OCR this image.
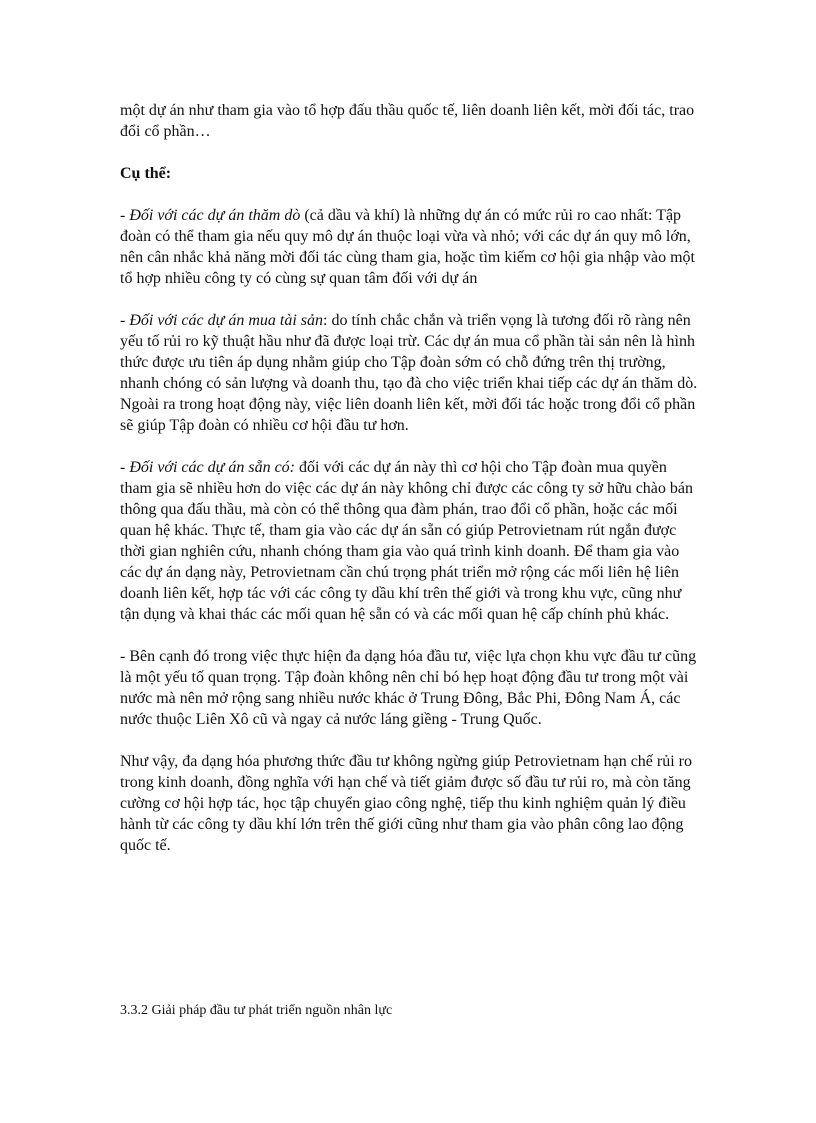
một dự án như tham gia vào tổ hợp đấu thầu quốc tế, liên doanh liên kết, mời đối tác, trao đổi cổ phần…

Cụ thể:

- Đối với các dự án thăm dò (cả dầu và khí) là những dự án có mức rủi ro cao nhất: Tập đoàn có thể tham gia nếu quy mô dự án thuộc loại vừa và nhỏ; với các dự án quy mô lớn, nên cân nhắc khả năng mời đối tác cùng tham gia, hoặc tìm kiếm cơ hội gia nhập vào một tổ hợp nhiều công ty có cùng sự quan tâm đối với dự án

- Đối với các dự án mua tài sản: do tính chắc chắn và triển vọng là tương đối rõ ràng nên yếu tố rủi ro kỹ thuật hầu như đã được loại trừ. Các dự án mua cổ phần tài sản nên là hình thức được ưu tiên áp dụng nhằm giúp cho Tập đoàn sớm có chỗ đứng trên thị trường, nhanh chóng có sản lượng và doanh thu, tạo đà cho việc triển khai tiếp các dự án thăm dò. Ngoài ra trong hoạt động này, việc liên doanh liên kết, mời đối tác hoặc trong đổi cổ phần sẽ giúp Tập đoàn có nhiều cơ hội đầu tư hơn.

- Đối với các dự án sẵn có: đối với các dự án này thì cơ hội cho Tập đoàn mua quyền tham gia sẽ nhiều hơn do việc các dự án này không chỉ được các công ty sở hữu chào bán thông qua đấu thầu, mà còn có thể thông qua đàm phán, trao đổi cổ phần, hoặc các mối quan hệ khác. Thực tế, tham gia vào các dự án sẵn có giúp Petrovietnam rút ngắn được thời gian nghiên cứu, nhanh chóng tham gia vào quá trình kinh doanh. Để tham gia vào các dự án dạng này, Petrovietnam cần chú trọng phát triển mở rộng các mối liên hệ liên doanh liên kết, hợp tác với các công ty dầu khí trên thế giới và trong khu vực, cũng như tận dụng và khai thác các mối quan hệ sẵn có và các mối quan hệ cấp chính phủ khác.

- Bên cạnh đó trong việc thực hiện đa dạng hóa đầu tư, việc lựa chọn khu vực đầu tư cũng là một yếu tố quan trọng. Tập đoàn không nên chỉ bó hẹp hoạt động đầu tư trong một vài nước mà nên mở rộng sang nhiều nước khác ở Trung Đông, Bắc Phi, Đông Nam Á, các nước thuộc Liên Xô cũ và ngay cả nước láng giềng - Trung Quốc.

Như vậy, đa dạng hóa phương thức đầu tư không ngừng giúp Petrovietnam hạn chế rủi ro trong kinh doanh, đồng nghĩa với hạn chế và tiết giảm được số đầu tư rủi ro, mà còn tăng cường cơ hội hợp tác, học tập chuyển giao công nghệ, tiếp thu kinh nghiệm quản lý điều hành từ các công ty dầu khí lớn trên thế giới cũng như tham gia vào phân công lao động quốc tế.

3.3.2 Giải pháp đầu tư phát triển nguồn nhân lực
